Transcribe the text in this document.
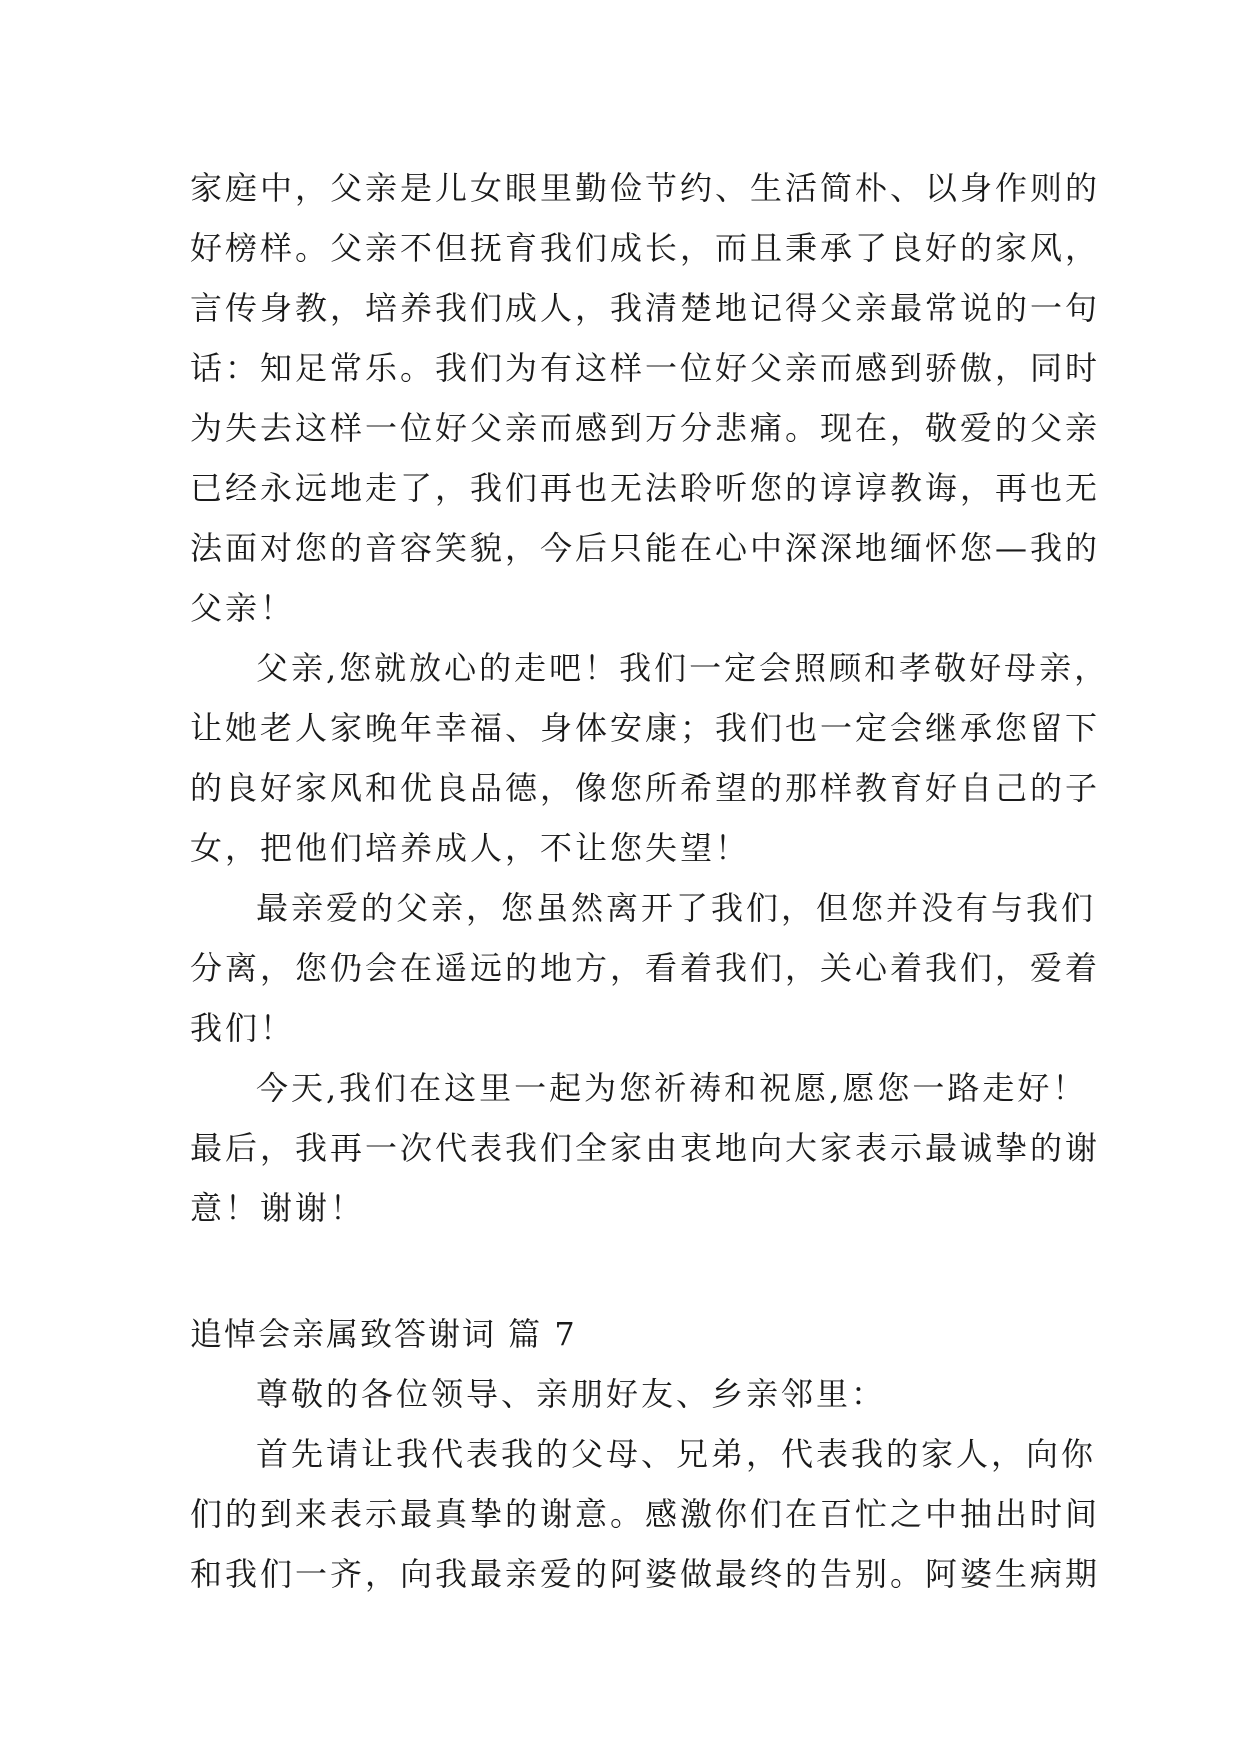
家庭中，父亲是儿女眼里勤俭节约、生活简朴、以身作则的
好榜样。父亲不但抚育我们成长，而且秉承了良好的家风，
言传身教，培养我们成人，我清楚地记得父亲最常说的一句
话：知足常乐。我们为有这样一位好父亲而感到骄傲，同时
为失去这样一位好父亲而感到万分悲痛。现在，敬爱的父亲
已经永远地走了，我们再也无法聆听您的谆谆教诲，再也无
法面对您的音容笑貌，今后只能在心中深深地缅怀您—我的
父亲！
父亲,您就放心的走吧！我们一定会照顾和孝敬好母亲，
让她老人家晚年幸福、身体安康；我们也一定会继承您留下
的良好家风和优良品德，像您所希望的那样教育好自己的子
女，把他们培养成人，不让您失望！
最亲爱的父亲，您虽然离开了我们，但您并没有与我们
分离，您仍会在遥远的地方，看着我们，关心着我们，爱着
我们！
今天,我们在这里一起为您祈祷和祝愿,愿您一路走好！
最后，我再一次代表我们全家由衷地向大家表示最诚挚的谢
意！谢谢！
追悼会亲属致答谢词 篇 7
尊敬的各位领导、亲朋好友、乡亲邻里：
首先请让我代表我的父母、兄弟，代表我的家人，向你
们的到来表示最真挚的谢意。感激你们在百忙之中抽出时间
和我们一齐，向我最亲爱的阿婆做最终的告别。阿婆生病期
